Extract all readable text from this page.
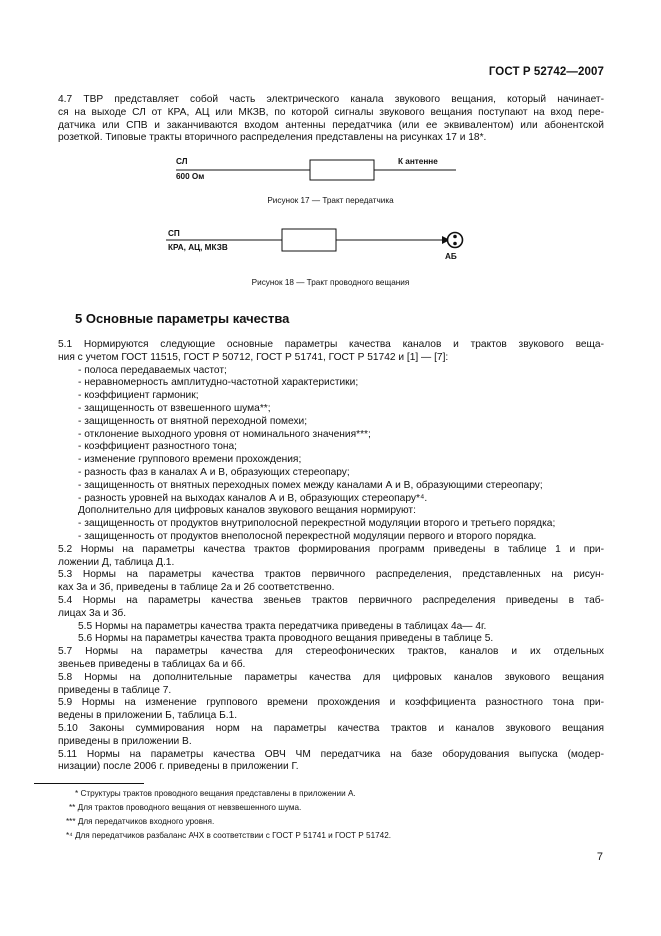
ГОСТ Р 52742—2007
4.7 ТВР представляет собой часть электрического канала звукового вещания, который начинает-
ся на выходе СЛ от КРА, АЦ или МКЗВ, по которой сигналы звукового вещания поступают на вход пере-
датчика или СПВ и заканчиваются входом антенны передатчика (или ее эквивалентом) или абонентской
розеткой. Типовые тракты вторичного распределения представлены на рисунках 17 и 18*.
СЛ
600 Ом
К антенне
Рисунок 17 — Тракт передатчика
СП
КРА, АЦ, МКЗВ
АБ
Рисунок 18 — Тракт проводного вещания
5 Основные параметры качества
5.1 Нормируются следующие основные параметры качества каналов и трактов звукового веща-
ния с учетом ГОСТ 11515, ГОСТ Р 50712, ГОСТ Р 51741, ГОСТ Р 51742 и [1] — [7]:
- полоса передаваемых частот;
- неравномерность амплитудно-частотной характеристики;
- коэффициент гармоник;
- защищенность от взвешенного шума**;
- защищенность от внятной переходной помехи;
- отклонение выходного уровня от номинального значения***;
- коэффициент разностного тона;
- изменение группового времени прохождения;
- разность фаз в каналах А и В, образующих стереопару;
- защищенность от внятных переходных помех между каналами А и В, образующими стереопару;
- разность уровней на выходах каналов А и В, образующих стереопару*⁴.
Дополнительно для цифровых каналов звукового вещания нормируют:
- защищенность от продуктов внутриполосной перекрестной модуляции второго и третьего порядка;
- защищенность от продуктов внеполосной перекрестной модуляции первого и второго порядка.
5.2 Нормы на параметры качества трактов формирования программ приведены в таблице 1 и при-
ложении Д, таблица Д.1.
5.3 Нормы на параметры качества трактов первичного распределения, представленных на рисун-
ках 3а и 3б, приведены в таблице 2а и 2б соответственно.
5.4 Нормы на параметры качества звеньев трактов первичного распределения приведены в таб-
лицах 3а и 3б.
5.5 Нормы на параметры качества тракта передатчика приведены в таблицах 4а— 4г.
5.6 Нормы на параметры качества тракта проводного вещания приведены в таблице 5.
5.7 Нормы на параметры качества для стереофонических трактов, каналов и их отдельных
звеньев приведены в таблицах 6а и 6б.
5.8 Нормы на дополнительные параметры качества для цифровых каналов звукового вещания
приведены в таблице 7.
5.9 Нормы на изменение группового времени прохождения и коэффициента разностного тона при-
ведены в приложении Б, таблица Б.1.
5.10 Законы суммирования норм на параметры качества трактов и каналов звукового вещания
приведены в приложении В.
5.11 Нормы на параметры качества ОВЧ ЧМ передатчика на базе оборудования выпуска (модер-
низации) после 2006 г. приведены в приложении Г.
* Структуры трактов проводного вещания представлены в приложении А.
** Для трактов проводного вещания от невзвешенного шума.
*** Для передатчиков входного уровня.
*⁴ Для передатчиков разбаланс АЧХ в соответствии с ГОСТ Р 51741 и ГОСТ Р 51742.
7
